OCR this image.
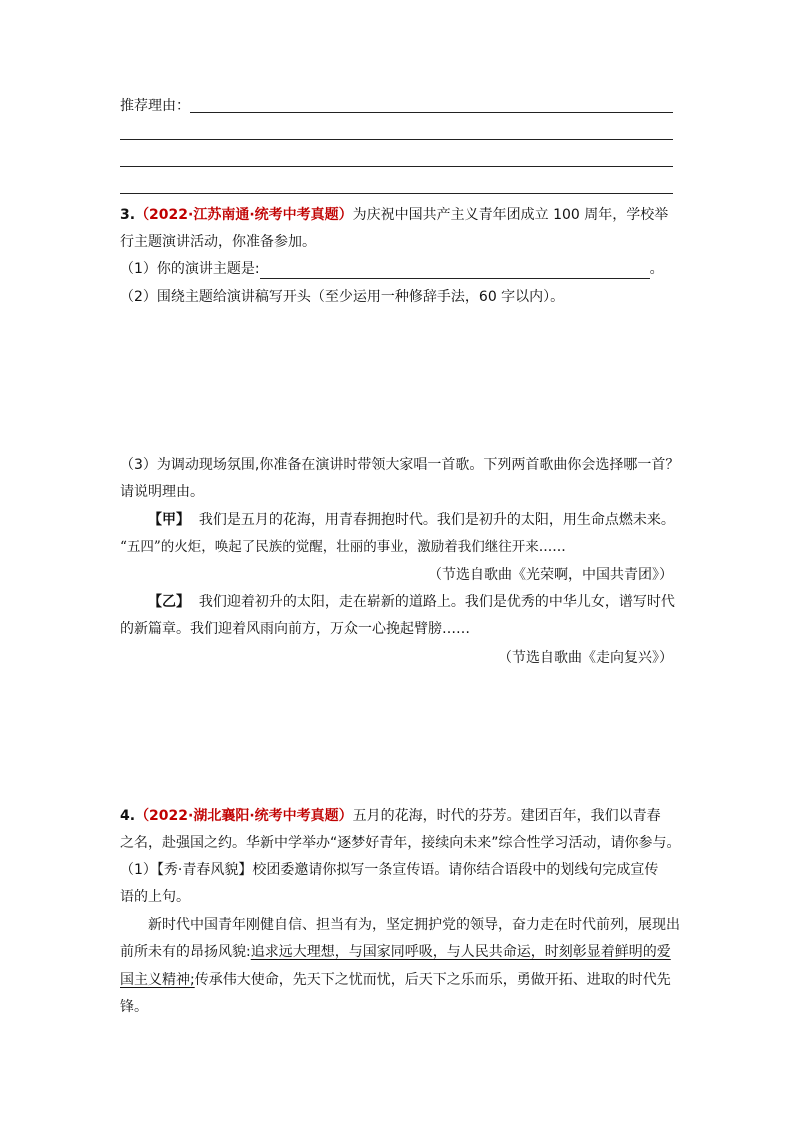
推荐理由：
3.（2022·江苏南通·统考中考真题）为庆祝中国共产主义青年团成立 100 周年，学校举
行主题演讲活动，你准备参加。
（1）你的演讲主题是:	。
（2）围绕主题给演讲稿写开头（至少运用一种修辞手法，60 字以内）。
（3）为调动现场氛围,你准备在演讲时带领大家唱一首歌。下列两首歌曲你会选择哪一首？
请说明理由。
【甲】 我们是五月的花海，用青春拥抱时代。我们是初升的太阳，用生命点燃未来。
“五四”的火炬，唤起了民族的觉醒，壮丽的事业，激励着我们继往开来……
（节选自歌曲《光荣啊，中国共青团》）
【乙】 我们迎着初升的太阳，走在崭新的道路上。我们是优秀的中华儿女，谱写时代
的新篇章。我们迎着风雨向前方，万众一心挽起臂膀……
（节选自歌曲《走向复兴》）
4.（2022·湖北襄阳·统考中考真题）五月的花海，时代的芬芳。建团百年，我们以青春
之名，赴强国之约。华新中学举办“逐梦好青年，接续向未来”综合性学习活动，请你参与。
（1）【秀·青春风貌】校团委邀请你拟写一条宣传语。请你结合语段中的划线句完成宣传
语的上句。
新时代中国青年刚健自信、担当有为，坚定拥护党的领导，奋力走在时代前列，展现出
前所未有的昂扬风貌:追求远大理想，与国家同呼吸，与人民共命运，时刻彰显着鲜明的爱
国主义精神;传承伟大使命，先天下之忧而忧，后天下之乐而乐，勇做开拓、进取的时代先
锋。
